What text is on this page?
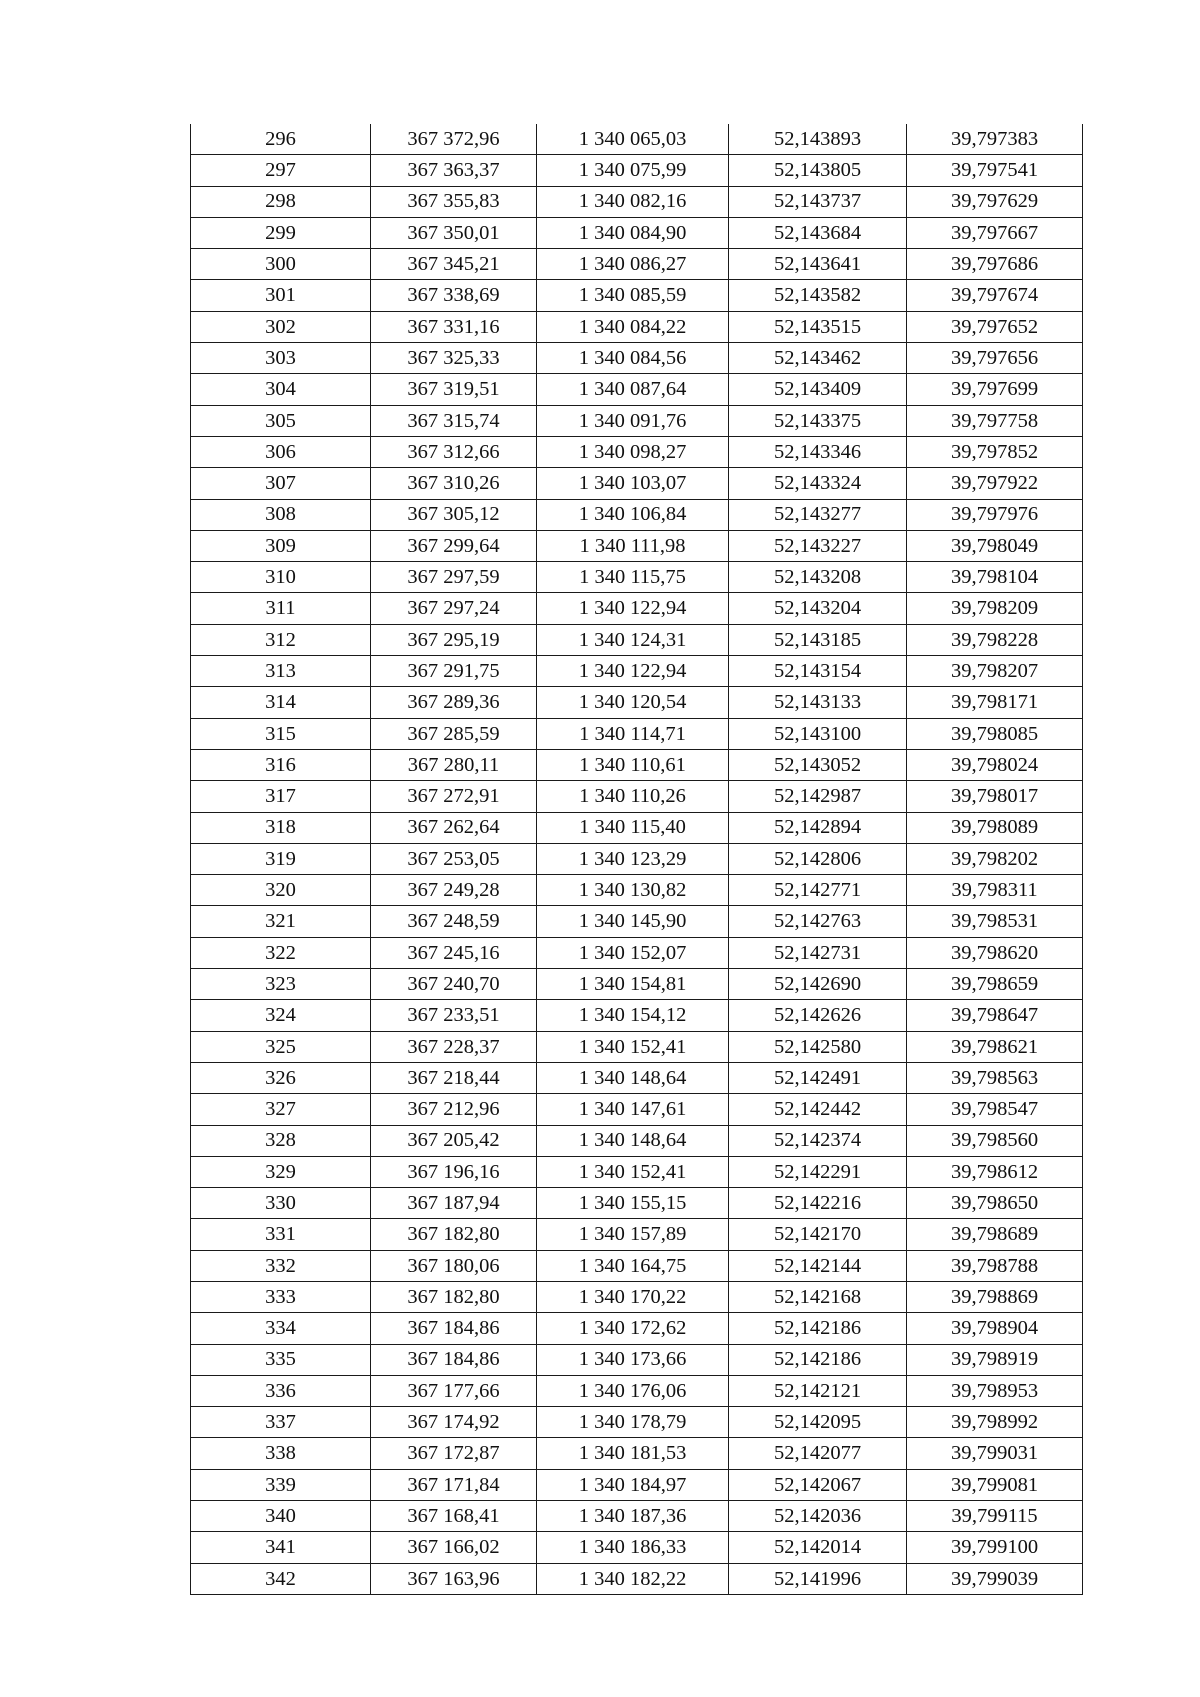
296	367 372,96	1 340 065,03	52,143893	39,797383
297	367 363,37	1 340 075,99	52,143805	39,797541
298	367 355,83	1 340 082,16	52,143737	39,797629
299	367 350,01	1 340 084,90	52,143684	39,797667
300	367 345,21	1 340 086,27	52,143641	39,797686
301	367 338,69	1 340 085,59	52,143582	39,797674
302	367 331,16	1 340 084,22	52,143515	39,797652
303	367 325,33	1 340 084,56	52,143462	39,797656
304	367 319,51	1 340 087,64	52,143409	39,797699
305	367 315,74	1 340 091,76	52,143375	39,797758
306	367 312,66	1 340 098,27	52,143346	39,797852
307	367 310,26	1 340 103,07	52,143324	39,797922
308	367 305,12	1 340 106,84	52,143277	39,797976
309	367 299,64	1 340 111,98	52,143227	39,798049
310	367 297,59	1 340 115,75	52,143208	39,798104
311	367 297,24	1 340 122,94	52,143204	39,798209
312	367 295,19	1 340 124,31	52,143185	39,798228
313	367 291,75	1 340 122,94	52,143154	39,798207
314	367 289,36	1 340 120,54	52,143133	39,798171
315	367 285,59	1 340 114,71	52,143100	39,798085
316	367 280,11	1 340 110,61	52,143052	39,798024
317	367 272,91	1 340 110,26	52,142987	39,798017
318	367 262,64	1 340 115,40	52,142894	39,798089
319	367 253,05	1 340 123,29	52,142806	39,798202
320	367 249,28	1 340 130,82	52,142771	39,798311
321	367 248,59	1 340 145,90	52,142763	39,798531
322	367 245,16	1 340 152,07	52,142731	39,798620
323	367 240,70	1 340 154,81	52,142690	39,798659
324	367 233,51	1 340 154,12	52,142626	39,798647
325	367 228,37	1 340 152,41	52,142580	39,798621
326	367 218,44	1 340 148,64	52,142491	39,798563
327	367 212,96	1 340 147,61	52,142442	39,798547
328	367 205,42	1 340 148,64	52,142374	39,798560
329	367 196,16	1 340 152,41	52,142291	39,798612
330	367 187,94	1 340 155,15	52,142216	39,798650
331	367 182,80	1 340 157,89	52,142170	39,798689
332	367 180,06	1 340 164,75	52,142144	39,798788
333	367 182,80	1 340 170,22	52,142168	39,798869
334	367 184,86	1 340 172,62	52,142186	39,798904
335	367 184,86	1 340 173,66	52,142186	39,798919
336	367 177,66	1 340 176,06	52,142121	39,798953
337	367 174,92	1 340 178,79	52,142095	39,798992
338	367 172,87	1 340 181,53	52,142077	39,799031
339	367 171,84	1 340 184,97	52,142067	39,799081
340	367 168,41	1 340 187,36	52,142036	39,799115
341	367 166,02	1 340 186,33	52,142014	39,799100
342	367 163,96	1 340 182,22	52,141996	39,799039
